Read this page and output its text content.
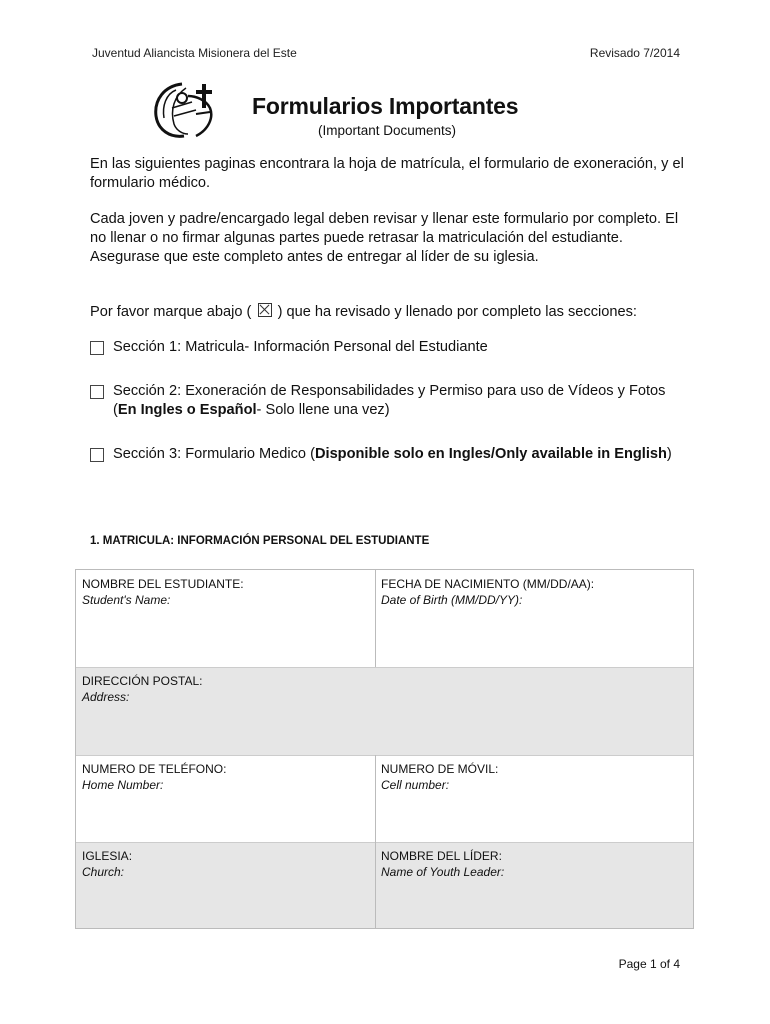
Juventud Aliancista Misionera del Este	Revisado 7/2014
Formularios Importantes
(Important Documents)
En las siguientes paginas encontrara la hoja de matrícula, el formulario de exoneración, y el formulario médico.
Cada joven y padre/encargado legal deben revisar y llenar este formulario por completo. El no llenar o no firmar algunas partes puede retrasar la matriculación del estudiante. Asegurase que este completo antes de entregar al líder de su iglesia.
Por favor marque abajo ( ) que ha revisado y llenado por completo las secciones:
Sección 1: Matricula- Información Personal del Estudiante
Sección 2: Exoneración de Responsabilidades y Permiso para uso de Vídeos y Fotos (En Ingles o Español- Solo llene una vez)
Sección 3: Formulario Medico (Disponible solo en Ingles/Only available in English)
1. MATRICULA: INFORMACIÓN PERSONAL DEL ESTUDIANTE
NOMBRE DEL ESTUDIANTE:
Student's Name:
FECHA DE NACIMIENTO (MM/DD/AA):
Date of Birth (MM/DD/YY):
DIRECCIÓN POSTAL:
Address:
NUMERO DE TELÉFONO:
Home Number:
NUMERO DE MÓVIL:
Cell number:
IGLESIA:
Church:
NOMBRE DEL LÍDER:
Name of Youth Leader:
Page 1 of 4
